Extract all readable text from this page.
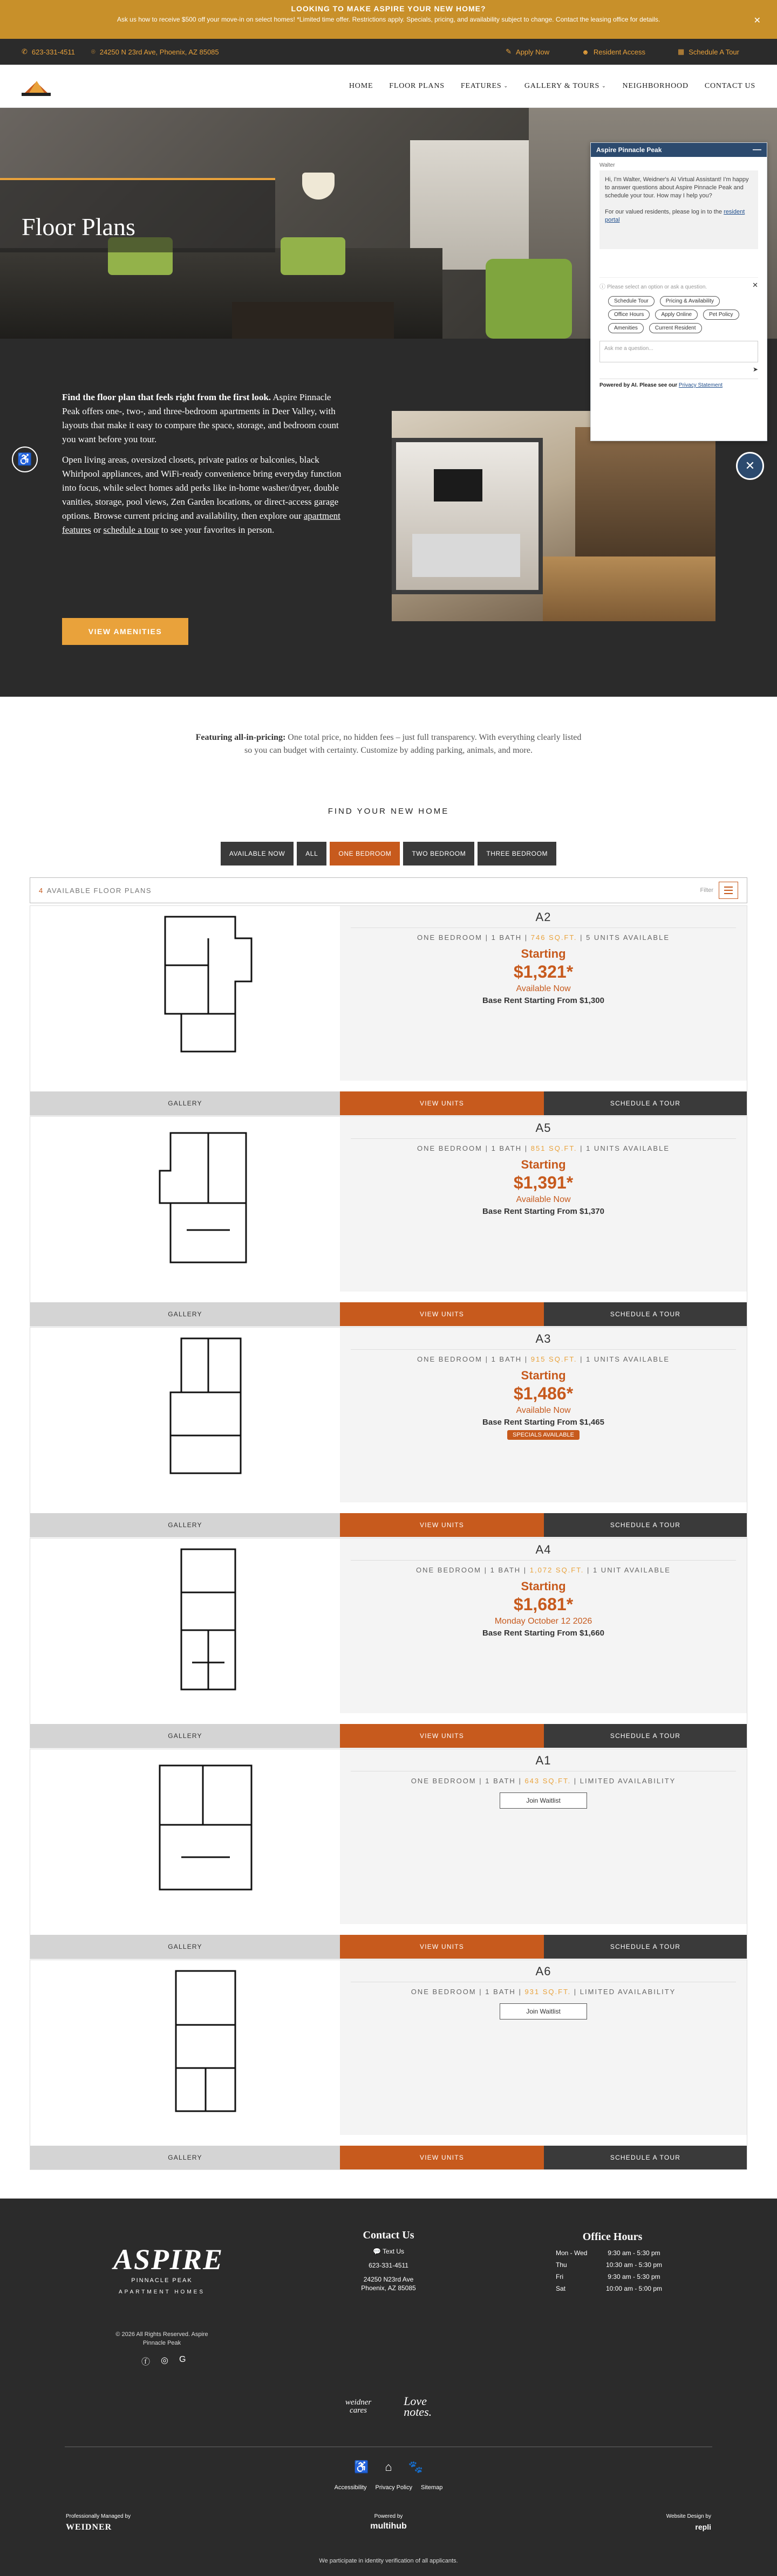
LOOKING TO MAKE ASPIRE YOUR NEW HOME?
Ask us how to receive $500 off your move-in on select homes! *Limited time offer. Restrictions apply. Specials, pricing, and availability subject to change. Contact the leasing office for details.	✕
✆ 623-331-4511 ⌾ 24250 N 23rd Ave, Phoenix, AZ 85085	✎ Apply Now	☻ Resident Access	▦ Schedule A Tour
HOME FLOOR PLANS FEATURES ⌄ GALLERY & TOURS ⌄ NEIGHBORHOOD CONTACT US
Floor Plans
♿

Find the floor plan that feels right from the first look. Aspire Pinnacle Peak offers one-, two-, and three-bedroom apartments in Deer Valley, with layouts that make it easy to compare the space, storage, and bedroom count you want before you tour.

Open living areas, oversized closets, private patios or balconies, black Whirlpool appliances, and WiFi-ready convenience bring everyday function into focus, while select homes add perks like in-home washer/dryer, double vanities, storage, pool views, Zen Garden locations, or direct-access garage options. Browse current pricing and availability, then explore our apartment features or schedule a tour to see your favorites in person.

VIEW AMENITIES
Aspire Pinnacle Peak	—
Walter
Hi, I'm Walter, Weidner's AI Virtual Assistant! I'm happy to answer questions about Aspire Pinnacle Peak and schedule your tour. How may I help you?

For our valued residents, please log in to the resident portal
ⓘ Please select an option or ask a question.	✕
Schedule Tour	Pricing & Availability
Office Hours	Apply Online	Pet Policy
Amenities	Current Resident
Ask me a question...
➤
Powered by AI. Please see our Privacy Statement
✕
Featuring all-in-pricing: One total price, no hidden fees – just full transparency. With everything clearly listed so you can budget with certainty. Customize by adding parking, animals, and more.
FIND YOUR NEW HOME
AVAILABLE NOW	ALL	ONE BEDROOM	TWO BEDROOM	THREE BEDROOM
4 AVAILABLE FLOOR PLANS	Filter
A2
ONE BEDROOM | 1 BATH | 746 SQ.FT. | 5 UNITS AVAILABLE
Starting
$1,321*
Available Now
Base Rent Starting From $1,300
GALLERY	VIEW UNITS	SCHEDULE A TOUR
A5
ONE BEDROOM | 1 BATH | 851 SQ.FT. | 1 UNITS AVAILABLE
Starting
$1,391*
Available Now
Base Rent Starting From $1,370
GALLERY	VIEW UNITS	SCHEDULE A TOUR
A3
ONE BEDROOM | 1 BATH | 915 SQ.FT. | 1 UNITS AVAILABLE
Starting
$1,486*
Available Now
Base Rent Starting From $1,465
SPECIALS AVAILABLE
GALLERY	VIEW UNITS	SCHEDULE A TOUR
A4
ONE BEDROOM | 1 BATH | 1,072 SQ.FT. | 1 UNIT AVAILABLE
Starting
$1,681*
Monday October 12 2026
Base Rent Starting From $1,660
GALLERY	VIEW UNITS	SCHEDULE A TOUR
A1
ONE BEDROOM | 1 BATH | 643 SQ.FT. | LIMITED AVAILABILITY
Join Waitlist
GALLERY	VIEW UNITS	SCHEDULE A TOUR
A6
ONE BEDROOM | 1 BATH | 931 SQ.FT. | LIMITED AVAILABILITY
Join Waitlist
GALLERY	VIEW UNITS	SCHEDULE A TOUR
ASPIRE
PINNACLE PEAK
APARTMENT HOMES
© 2026 All Rights Reserved. Aspire Pinnacle Peak
ⓕ ◎ G
Contact Us
💬 Text Us
623-331-4511
24250 N23rd Ave
Phoenix, AZ 85085
Office Hours
Mon - Wed	9:30 am - 5:30 pm
Thu	10:30 am - 5:30 pm
Fri	9:30 am - 5:30 pm
Sat	10:00 am - 5:00 pm
weidner
cares
Love
notes.
♿ ⌂ 🐾
Accessibility Privacy Policy Sitemap
Professionally Managed by
WEIDNER
Powered by
multihub
Website Design by
repli
We participate in identity verification of all applicants.
